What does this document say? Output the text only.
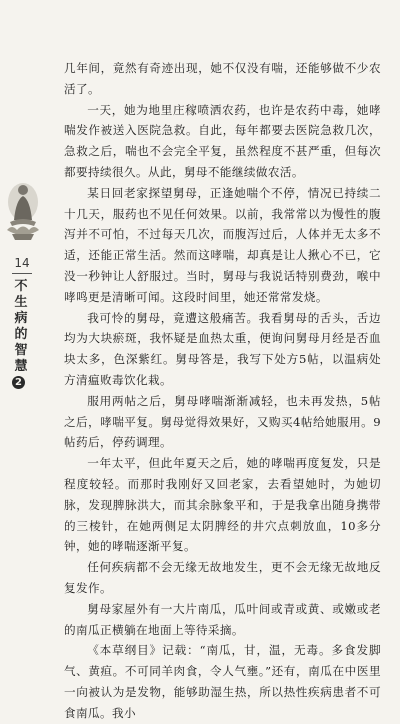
14
不
生
病
的
智
慧
2

几年间，竟然有奇迹出现，她不仅没有喘，还能够做不少农活了。

一天，她为地里庄稼喷洒农药，也许是农药中毒，她哮喘发作被送入医院急救。自此，每年都要去医院急救几次，急救之后，喘也不会完全平复，虽然程度不甚严重，但每次都要持续很久。从此，舅母不能继续做农活。

某日回老家探望舅母，正逢她喘个不停，情况已持续二十几天，服药也不见任何效果。以前，我常常以为慢性的腹泻并不可怕，不过每天几次，而腹泻过后，人体并无太多不适，还能正常生活。然而这哮喘，却真是让人揪心不已，它没一秒钟让人舒服过。当时，舅母与我说话特别费劲，喉中哮鸣更是清晰可闻。这段时间里，她还常常发烧。

我可怜的舅母，竟遭这般痛苦。我看舅母的舌头，舌边均为大块瘀斑，我怀疑是血热太重，便询问舅母月经是否血块太多，色深紫红。舅母答是，我写下处方5帖，以温病处方清瘟败毒饮化栽。

服用两帖之后，舅母哮喘渐渐减轻，也未再发热，5帖之后，哮喘平复。舅母觉得效果好，又购买4帖给她服用。9帖药后，停药调理。

一年太平，但此年夏天之后，她的哮喘再度复发，只是程度较轻。而那时我刚好又回老家，去看望她时，为她切脉，发现脾脉洪大，而其余脉象平和，于是我拿出随身携带的三棱针，在她两侧足太阴脾经的井穴点刺放血，10多分钟，她的哮喘逐渐平复。

任何疾病都不会无缘无故地发生，更不会无缘无故地反复发作。

舅母家屋外有一大片南瓜，瓜叶间或青或黄、或嫩或老的南瓜正横躺在地面上等待采摘。

《本草纲目》记载：“南瓜，甘，温，无毒。多食发脚气、黄疸。不可同羊肉食，令人气壅。”还有，南瓜在中医里一向被认为是发物，能够助湿生热，所以热性疾病患者不可食南瓜。我小
